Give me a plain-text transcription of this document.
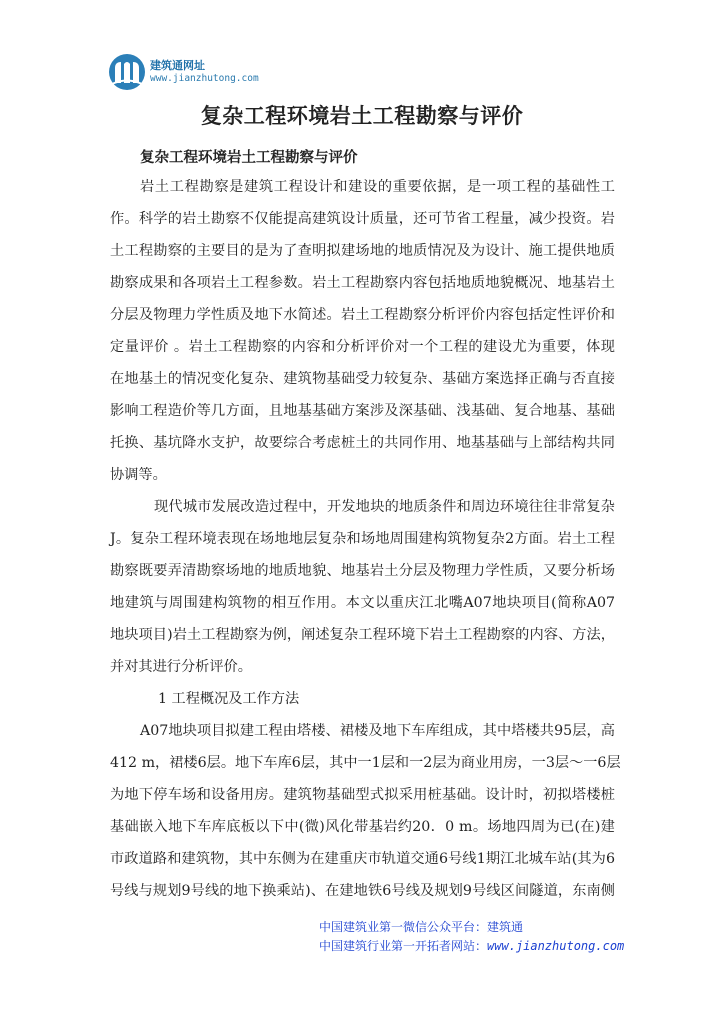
建筑通网址
www.jianzhutong.com
复杂工程环境岩土工程勘察与评价
复杂工程环境岩土工程勘察与评价
岩土工程勘察是建筑工程设计和建设的重要依据，是一项工程的基础性工
作。科学的岩土勘察不仅能提高建筑设计质量，还可节省工程量，减少投资。岩
土工程勘察的主要目的是为了查明拟建场地的地质情况及为设计、施工提供地质
勘察成果和各项岩土工程参数。岩土工程勘察内容包括地质地貌概况、地基岩土
分层及物理力学性质及地下水简述。岩土工程勘察分析评价内容包括定性评价和
定量评价 。岩土工程勘察的内容和分析评价对一个工程的建设尤为重要，体现
在地基土的情况变化复杂、建筑物基础受力较复杂、基础方案选择正确与否直接
影响工程造价等几方面，且地基基础方案涉及深基础、浅基础、复合地基、基础
托换、基坑降水支护，故要综合考虑桩土的共同作用、地基基础与上部结构共同
协调等。
现代城市发展改造过程中，开发地块的地质条件和周边环境往往非常复杂
J。复杂工程环境表现在场地地层复杂和场地周围建构筑物复杂2方面。岩土工程
勘察既要弄清勘察场地的地质地貌、地基岩土分层及物理力学性质，又要分析场
地建筑与周围建构筑物的相互作用。本文以重庆江北嘴A07地块项目(简称A07
地块项目)岩土工程勘察为例，阐述复杂工程环境下岩土工程勘察的内容、方法，
并对其进行分析评价。
1 工程概况及工作方法
A07地块项目拟建工程由塔楼、裙楼及地下车库组成，其中塔楼共95层，高
412 m，裙楼6层。地下车库6层，其中一1层和一2层为商业用房，一3层～一6层
为地下停车场和设备用房。建筑物基础型式拟采用桩基础。设计时，初拟塔楼桩
基础嵌入地下车库底板以下中(微)风化带基岩约20．0 m。场地四周为已(在)建
市政道路和建筑物，其中东侧为在建重庆市轨道交通6号线1期江北城车站(其为6
号线与规划9号线的地下换乘站)、在建地铁6号线及规划9号线区间隧道，东南侧
中国建筑业第一微信公众平台：建筑通
中国建筑行业第一开拓者网站：www.jianzhutong.com
